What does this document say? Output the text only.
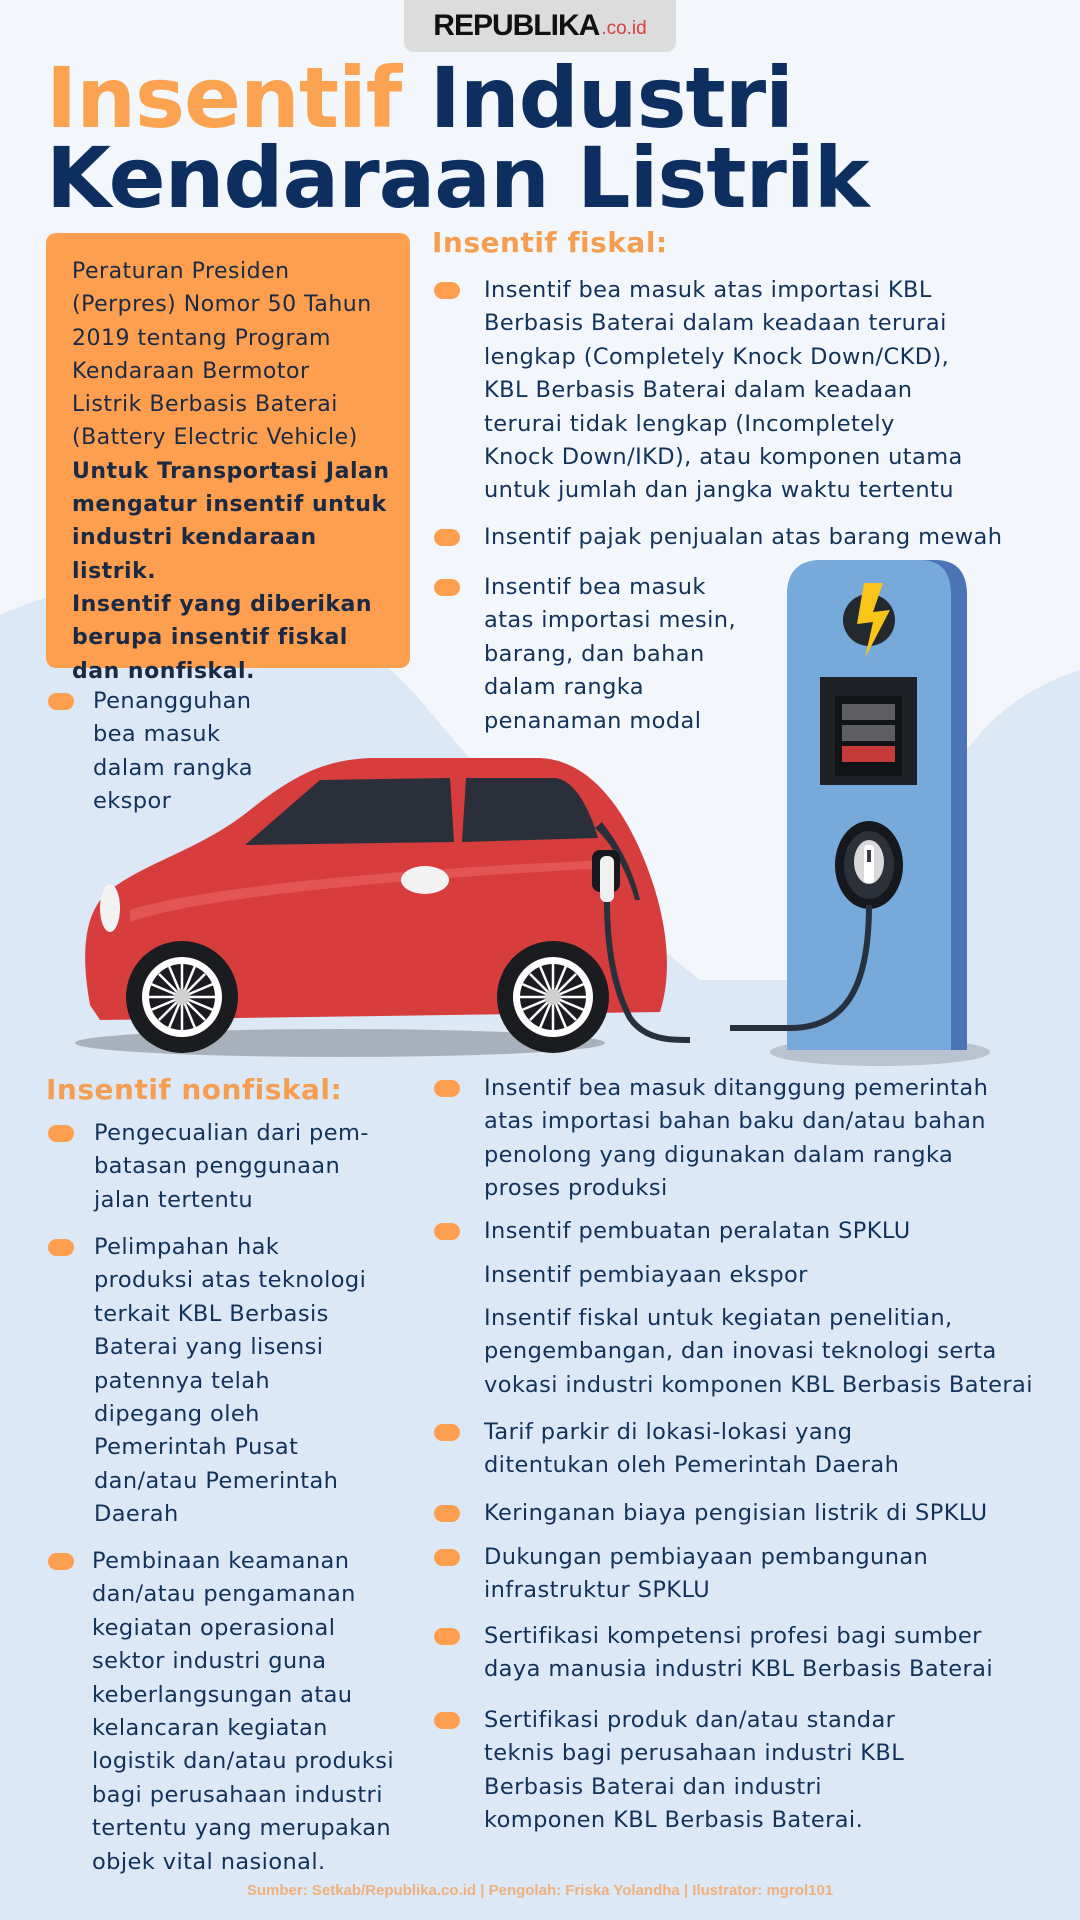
REPUBLIKA .co.id
Insentif Industri
Kendaraan Listrik
Peraturan Presiden
(Perpres) Nomor 50 Tahun
2019 tentang Program
Kendaraan Bermotor
Listrik Berbasis Baterai
(Battery Electric Vehicle)
Untuk Transportasi Jalan
mengatur insentif untuk
industri kendaraan listrik.
Insentif yang diberikan
berupa insentif fiskal
dan nonfiskal.
Insentif fiskal:
Insentif bea masuk atas importasi KBL
Berbasis Baterai dalam keadaan terurai
lengkap (Completely Knock Down/CKD),
KBL Berbasis Baterai dalam keadaan
terurai tidak lengkap (Incompletely
Knock Down/IKD), atau komponen utama
untuk jumlah dan jangka waktu tertentu
Insentif pajak penjualan atas barang mewah
Insentif bea masuk
atas importasi mesin,
barang, dan bahan
dalam rangka
penanaman modal
Penangguhan
bea masuk
dalam rangka
ekspor
Insentif nonfiskal:
Pengecualian dari pem-
batasan penggunaan
jalan tertentu
Pelimpahan hak
produksi atas teknologi
terkait KBL Berbasis
Baterai yang lisensi
patennya telah
dipegang oleh
Pemerintah Pusat
dan/atau Pemerintah
Daerah
Pembinaan keamanan
dan/atau pengamanan
kegiatan operasional
sektor industri guna
keberlangsungan atau
kelancaran kegiatan
logistik dan/atau produksi
bagi perusahaan industri
tertentu yang merupakan
objek vital nasional.
Insentif bea masuk ditanggung pemerintah
atas importasi bahan baku dan/atau bahan
penolong yang digunakan dalam rangka
proses produksi
Insentif pembuatan peralatan SPKLU
Insentif pembiayaan ekspor
Insentif fiskal untuk kegiatan penelitian,
pengembangan, dan inovasi teknologi serta
vokasi industri komponen KBL Berbasis Baterai
Tarif parkir di lokasi-lokasi yang
ditentukan oleh Pemerintah Daerah
Keringanan biaya pengisian listrik di SPKLU
Dukungan pembiayaan pembangunan
infrastruktur SPKLU
Sertifikasi kompetensi profesi bagi sumber
daya manusia industri KBL Berbasis Baterai
Sertifikasi produk dan/atau standar
teknis bagi perusahaan industri KBL
Berbasis Baterai dan industri
komponen KBL Berbasis Baterai.
Sumber: Setkab/Republika.co.id | Pengolah: Friska Yolandha | Ilustrator: mgrol101
